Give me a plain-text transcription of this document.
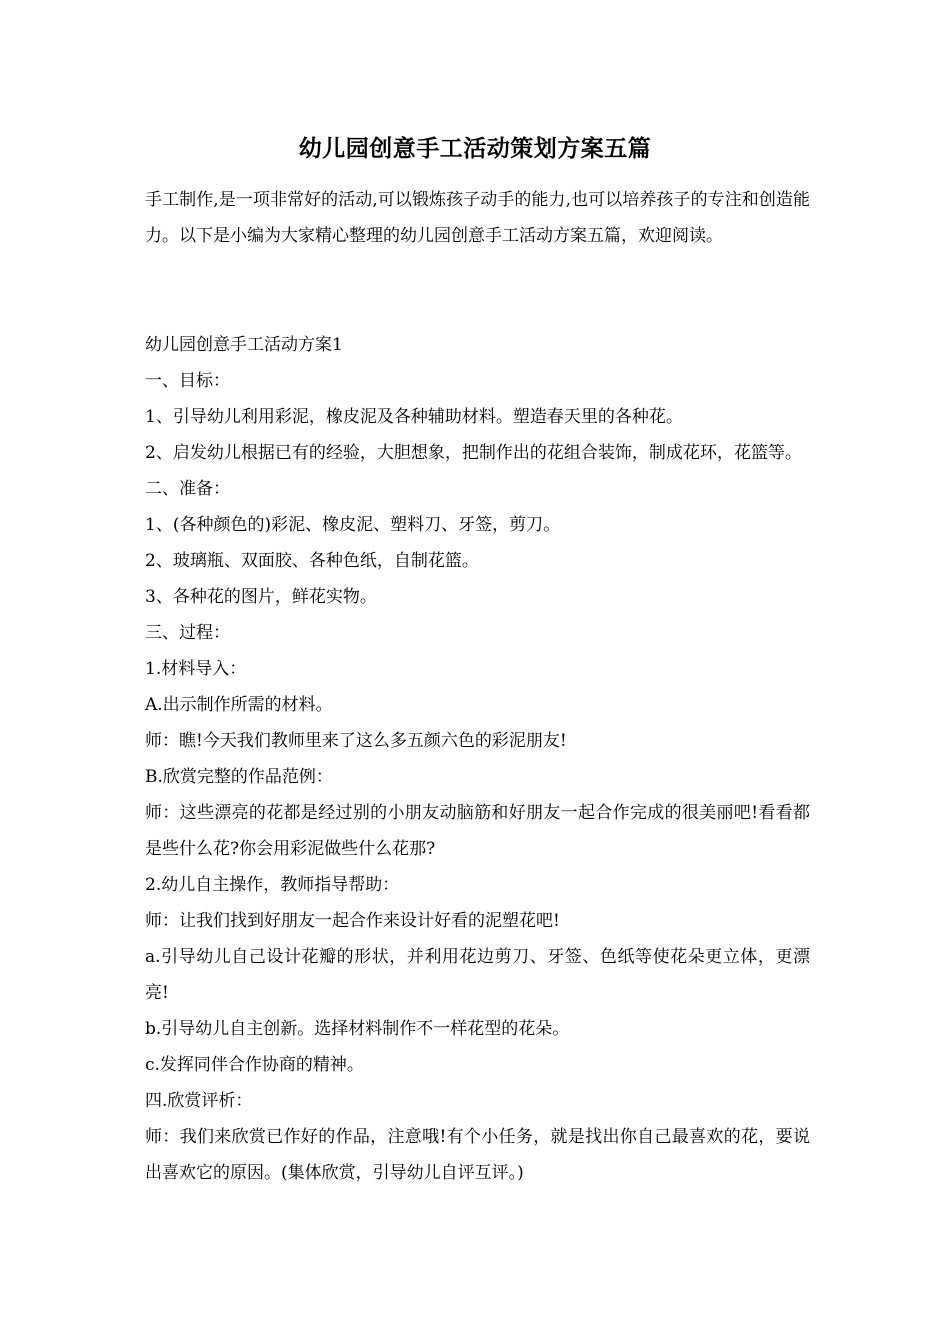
幼儿园创意手工活动策划方案五篇

手工制作,是一项非常好的活动,可以锻炼孩子动手的能力,也可以培养孩子的专注和创造能力。以下是小编为大家精心整理的幼儿园创意手工活动方案五篇，欢迎阅读。

幼儿园创意手工活动方案1

一、目标：

1、引导幼儿利用彩泥，橡皮泥及各种辅助材料。塑造春天里的各种花。

2、启发幼儿根据已有的经验，大胆想象，把制作出的花组合装饰，制成花环，花篮等。

二、准备：

1、(各种颜色的)彩泥、橡皮泥、塑料刀、牙签，剪刀。

2、玻璃瓶、双面胶、各种色纸，自制花篮。

3、各种花的图片，鲜花实物。

三、过程：

1.材料导入：

A.出示制作所需的材料。

师：瞧!今天我们教师里来了这么多五颜六色的彩泥朋友!

B.欣赏完整的作品范例：

师：这些漂亮的花都是经过别的小朋友动脑筋和好朋友一起合作完成的很美丽吧!看看都是些什么花?你会用彩泥做些什么花那?

2.幼儿自主操作，教师指导帮助：

师：让我们找到好朋友一起合作来设计好看的泥塑花吧!

a.引导幼儿自己设计花瓣的形状，并利用花边剪刀、牙签、色纸等使花朵更立体，更漂亮!

b.引导幼儿自主创新。选择材料制作不一样花型的花朵。

c.发挥同伴合作协商的精神。

四.欣赏评析：

师：我们来欣赏已作好的作品，注意哦!有个小任务，就是找出你自己最喜欢的花，要说出喜欢它的原因。(集体欣赏，引导幼儿自评互评。)
